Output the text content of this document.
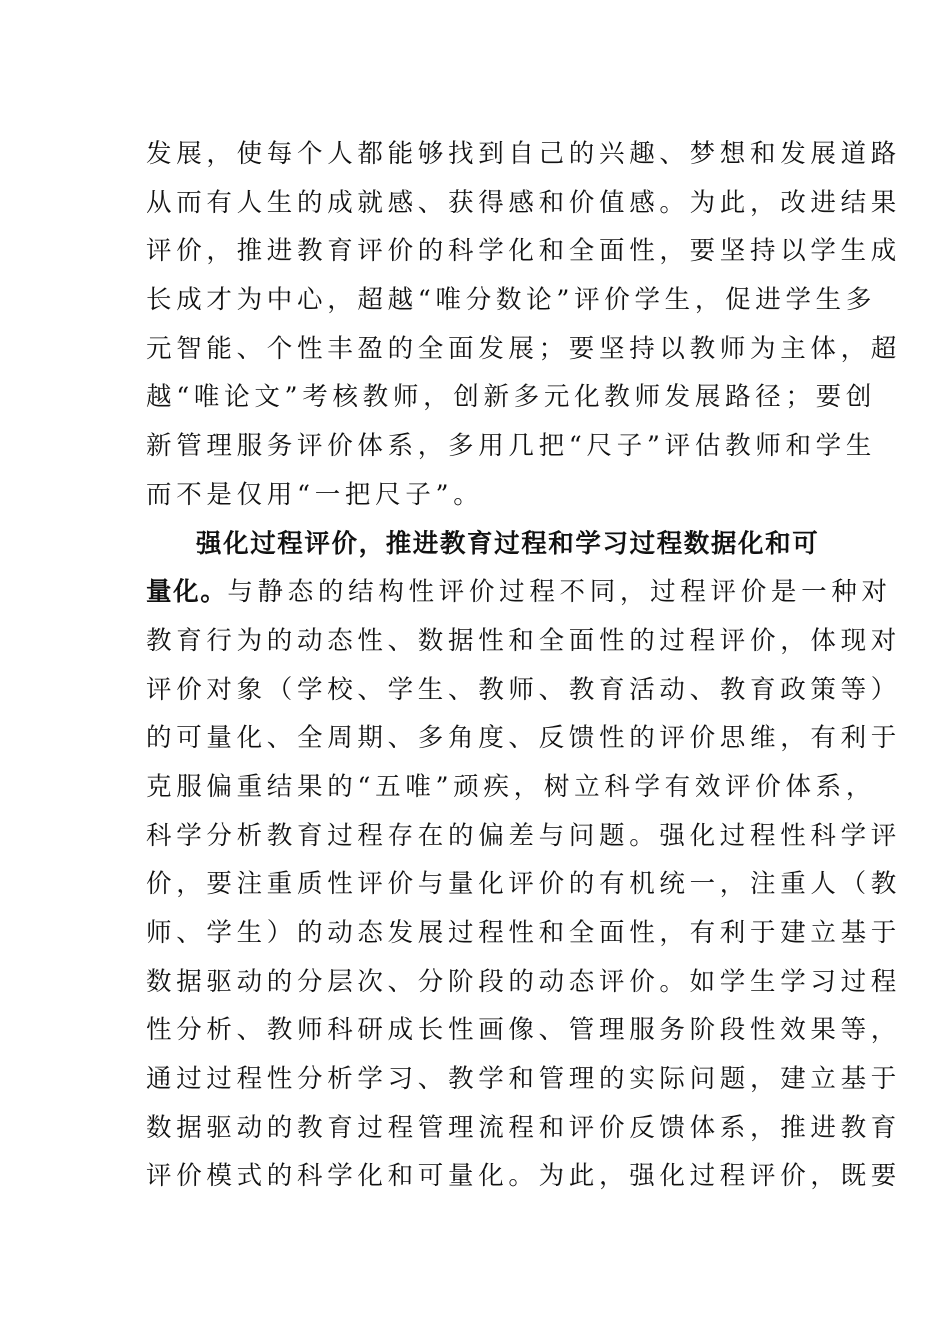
发展，使每个人都能够找到自己的兴趣、梦想和发展道路
从而有人生的成就感、获得感和价值感。为此，改进结果
评价，推进教育评价的科学化和全面性，要坚持以学生成
长成才为中心，超越“唯分数论”评价学生，促进学生多
元智能、个性丰盈的全面发展；要坚持以教师为主体，超
越“唯论文”考核教师，创新多元化教师发展路径；要创
新管理服务评价体系，多用几把“尺子”评估教师和学生
而不是仅用“一把尺子”。
强化过程评价，推进教育过程和学习过程数据化和可
量化。与静态的结构性评价过程不同，过程评价是一种对
教育行为的动态性、数据性和全面性的过程评价，体现对
评价对象（学校、学生、教师、教育活动、教育政策等）
的可量化、全周期、多角度、反馈性的评价思维，有利于
克服偏重结果的“五唯”顽疾，树立科学有效评价体系，
科学分析教育过程存在的偏差与问题。强化过程性科学评
价，要注重质性评价与量化评价的有机统一，注重人（教
师、学生）的动态发展过程性和全面性，有利于建立基于
数据驱动的分层次、分阶段的动态评价。如学生学习过程
性分析、教师科研成长性画像、管理服务阶段性效果等，
通过过程性分析学习、教学和管理的实际问题，建立基于
数据驱动的教育过程管理流程和评价反馈体系，推进教育
评价模式的科学化和可量化。为此，强化过程评价，既要
